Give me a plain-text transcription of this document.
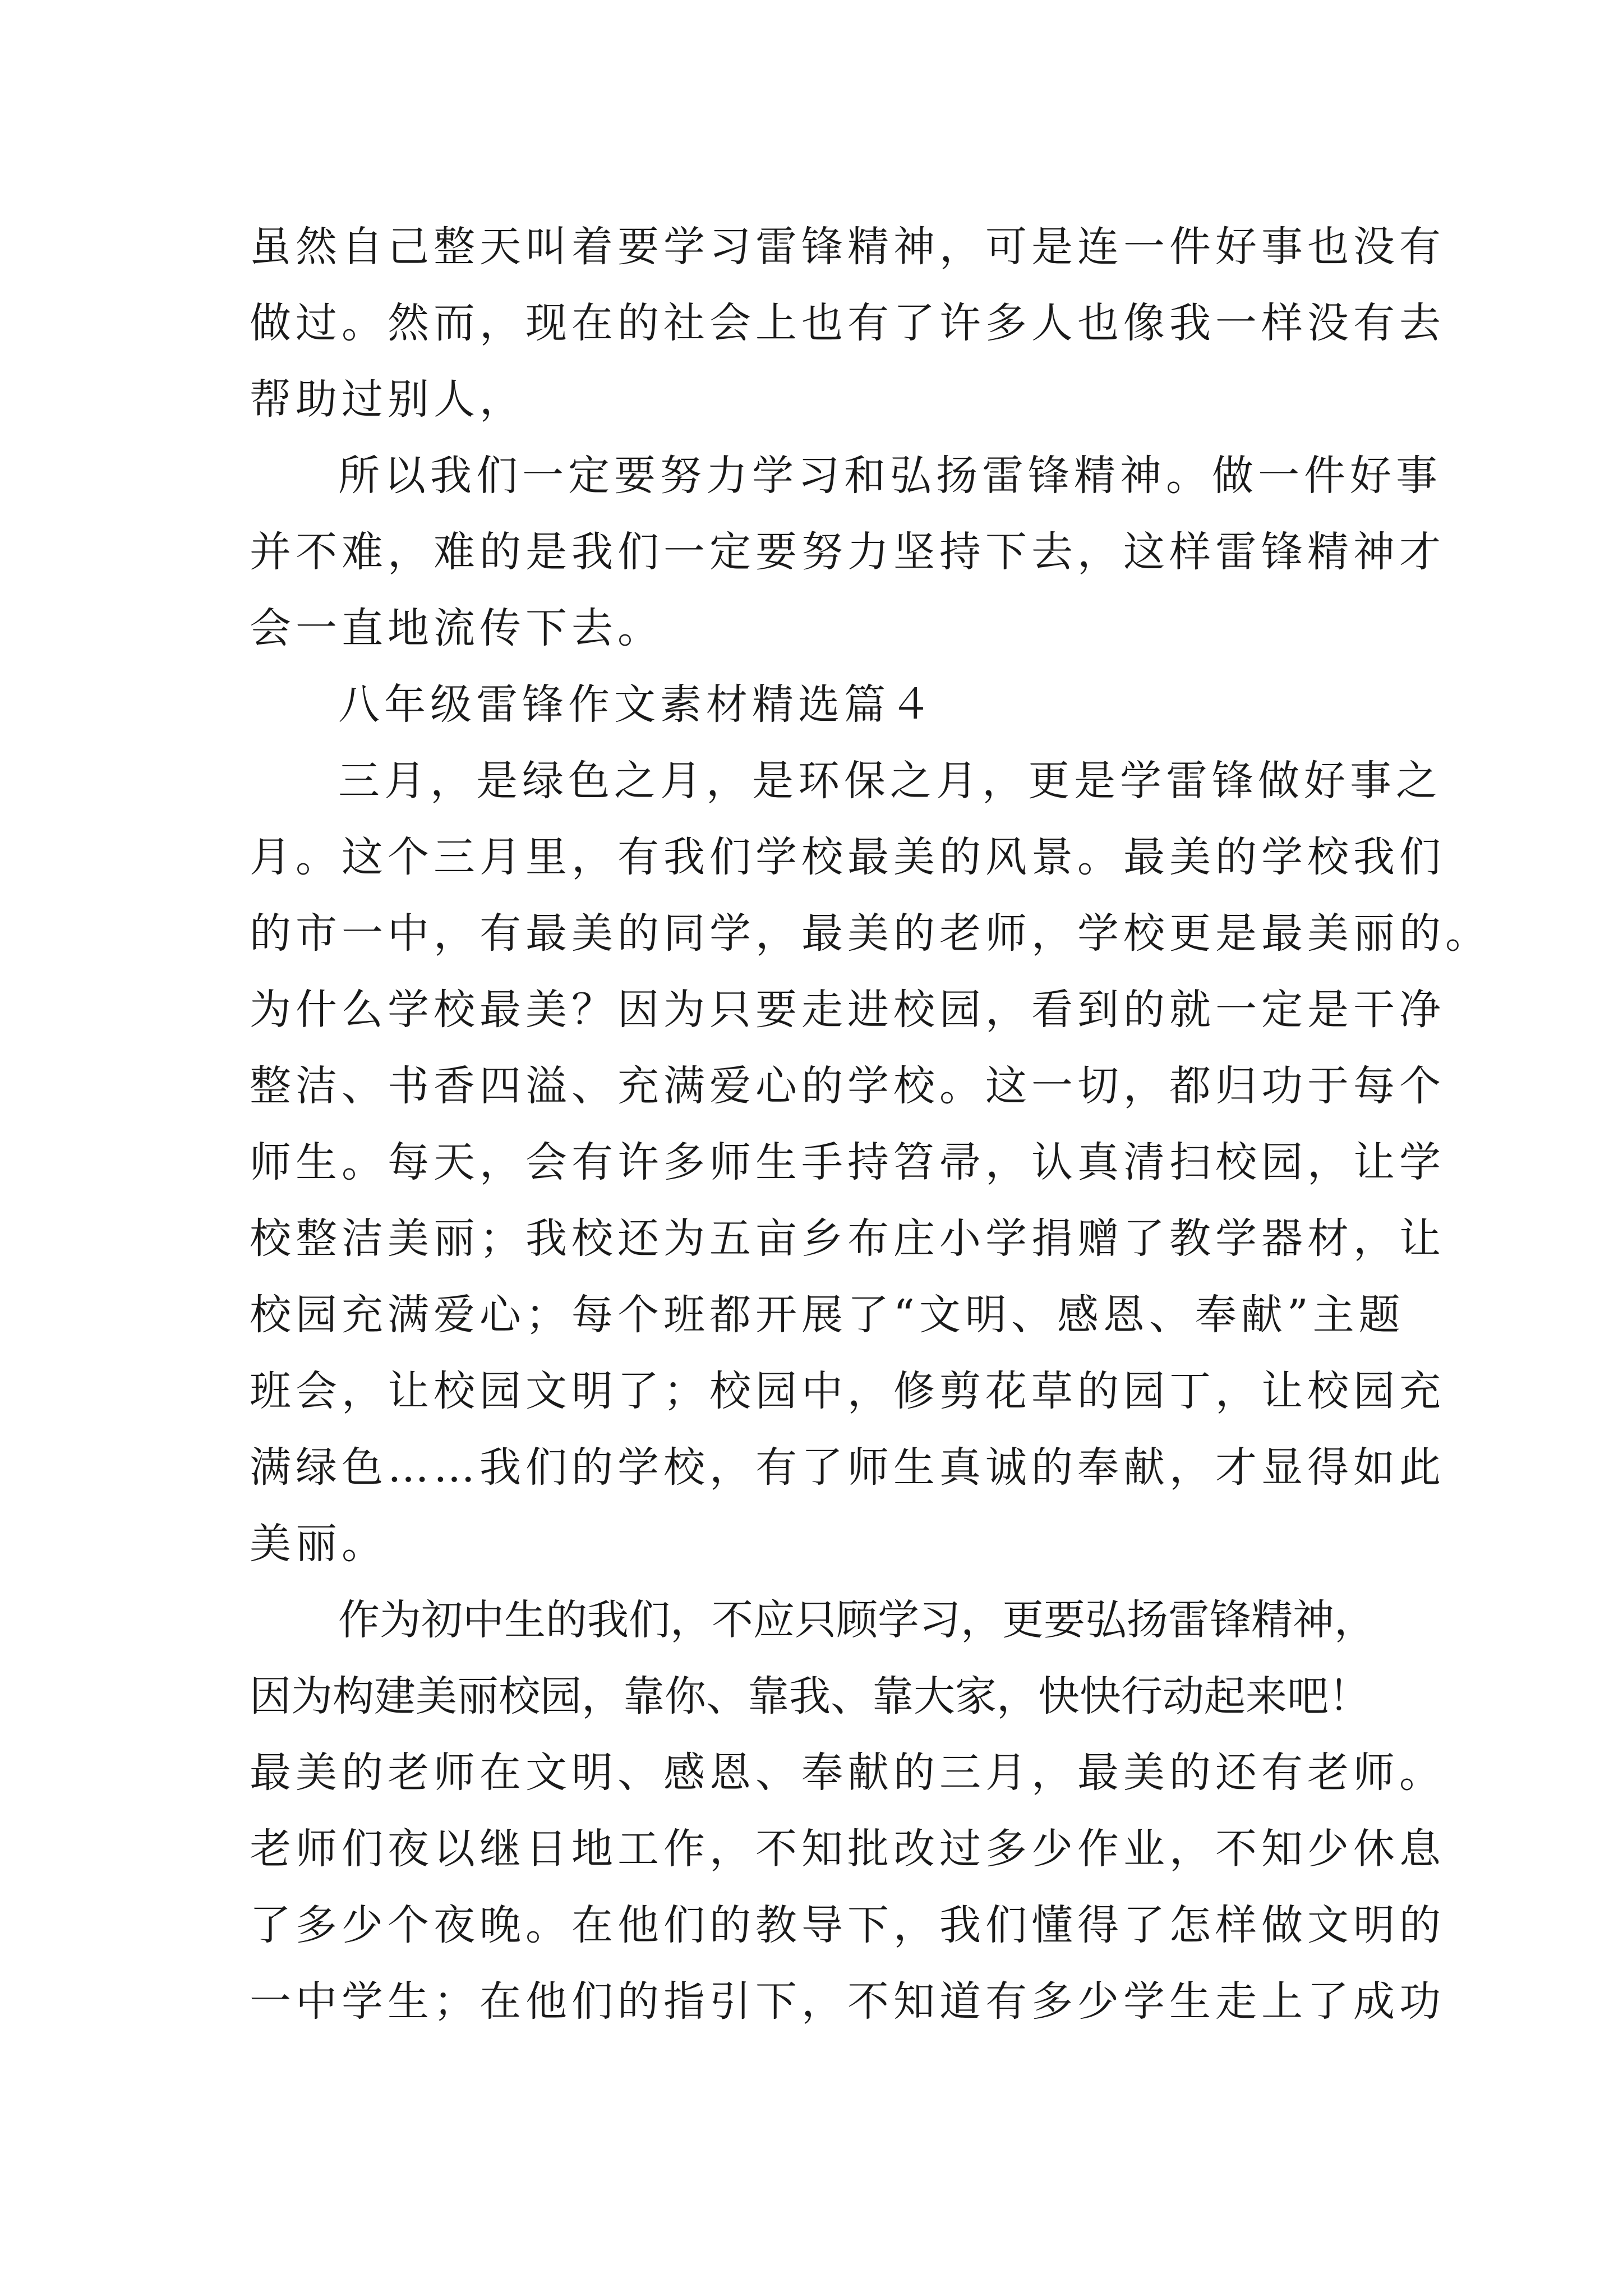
虽然自己整天叫着要学习雷锋精神，可是连一件好事也没有
做过。然而，现在的社会上也有了许多人也像我一样没有去
帮助过别人，
所以我们一定要努力学习和弘扬雷锋精神。做一件好事
并不难，难的是我们一定要努力坚持下去，这样雷锋精神才
会一直地流传下去。
八年级雷锋作文素材精选篇４
三月，是绿色之月，是环保之月，更是学雷锋做好事之
月。这个三月里，有我们学校最美的风景。最美的学校我们
的市一中，有最美的同学，最美的老师，学校更是最美丽的。
为什么学校最美？因为只要走进校园，看到的就一定是干净
整洁、书香四溢、充满爱心的学校。这一切，都归功于每个
师生。每天，会有许多师生手持笤帚，认真清扫校园，让学
校整洁美丽；我校还为五亩乡布庄小学捐赠了教学器材，让
校园充满爱心；每个班都开展了“文明、感恩、奉献”主题
班会，让校园文明了；校园中，修剪花草的园丁，让校园充
满绿色……我们的学校，有了师生真诚的奉献，才显得如此
美丽。
作为初中生的我们，不应只顾学习，更要弘扬雷锋精神，
因为构建美丽校园，靠你、靠我、靠大家，快快行动起来吧！
最美的老师在文明、感恩、奉献的三月，最美的还有老师。
老师们夜以继日地工作，不知批改过多少作业，不知少休息
了多少个夜晚。在他们的教导下，我们懂得了怎样做文明的
一中学生；在他们的指引下，不知道有多少学生走上了成功
